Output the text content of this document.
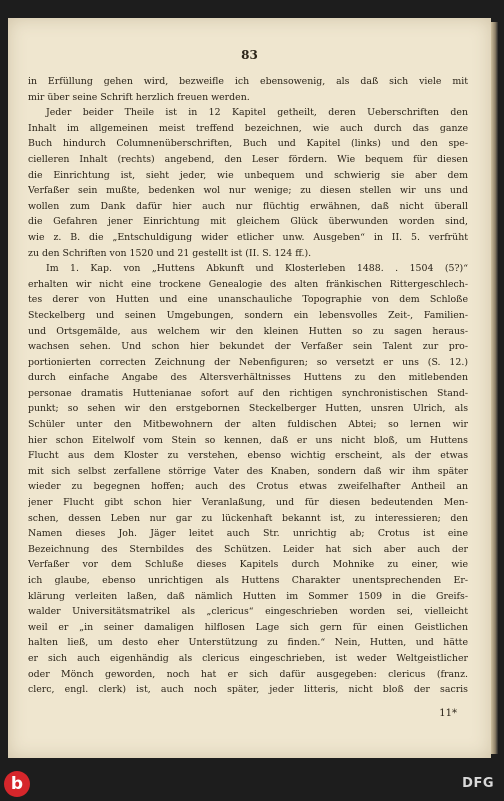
83
in Erfüllung gehen wird, bezweifle ich ebensowenig, als daß sich viele mit
mir über seine Schrift herzlich freuen werden.
Jeder beider Theile ist in 12 Kapitel getheilt, deren Ueberschriften den
Inhalt im allgemeinen meist treffend bezeichnen, wie auch durch das ganze
Buch hindurch Columnenüberschriften, Buch und Kapitel (links) und den spe-
cielleren Inhalt (rechts) angebend, den Leser fördern. Wie bequem für diesen
die Einrichtung ist, sieht jeder, wie unbequem und schwierig sie aber dem
Verfaßer sein mußte, bedenken wol nur wenige; zu diesen stellen wir uns und
wollen zum Dank dafür hier auch nur flüchtig erwähnen, daß nicht überall
die Gefahren jener Einrichtung mit gleichem Glück überwunden worden sind,
wie z. B. die „Entschuldigung wider etlicher unw. Ausgeben“ in II. 5. verfrüht
zu den Schriften von 1520 und 21 gestellt ist (II. S. 124 ff.).
Im 1. Kap. von „Huttens Abkunft und Klosterleben 1488. . 1504 (5?)“
erhalten wir nicht eine trockene Genealogie des alten fränkischen Rittergeschlech-
tes derer von Hutten und eine unanschauliche Topographie von dem Schloße
Steckelberg und seinen Umgebungen, sondern ein lebensvolles Zeit-, Familien-
und Ortsgemälde, aus welchem wir den kleinen Hutten so zu sagen heraus-
wachsen sehen. Und schon hier bekundet der Verfaßer sein Talent zur pro-
portionierten correcten Zeichnung der Nebenfiguren; so versetzt er uns (S. 12.)
durch einfache Angabe des Altersverhältnisses Huttens zu den mitlebenden
personae dramatis Huttenianae sofort auf den richtigen synchronistischen Stand-
punkt; so sehen wir den erstgebornen Steckelberger Hutten, unsren Ulrich, als
Schüler unter den Mitbewohnern der alten fuldischen Abtei; so lernen wir
hier schon Eitelwolf vom Stein so kennen, daß er uns nicht bloß, um Huttens
Flucht aus dem Kloster zu verstehen, ebenso wichtig erscheint, als der etwas
mit sich selbst zerfallene störrige Vater des Knaben, sondern daß wir ihm später
wieder zu begegnen hoffen; auch des Crotus etwas zweifelhafter Antheil an
jener Flucht gibt schon hier Veranlaßung, und für diesen bedeutenden Men-
schen, dessen Leben nur gar zu lückenhaft bekannt ist, zu interessieren; den
Namen dieses Joh. Jäger leitet auch Str. unrichtig ab; Crotus ist eine
Bezeichnung des Sternbildes des Schützen. Leider hat sich aber auch der
Verfaßer vor dem Schluße dieses Kapitels durch Mohnike zu einer, wie
ich glaube, ebenso unrichtigen als Huttens Charakter unentsprechenden Er-
klärung verleiten laßen, daß nämlich Hutten im Sommer 1509 in die Greifs-
walder Universitätsmatrikel als „clericus“ eingeschrieben worden sei, vielleicht
weil er „in seiner damaligen hilflosen Lage sich gern für einen Geistlichen
halten ließ, um desto eher Unterstützung zu finden.“ Nein, Hutten, und hätte
er sich auch eigenhändig als clericus eingeschrieben, ist weder Weltgeistlicher
oder Mönch geworden, noch hat er sich dafür ausgegeben: clericus (franz.
clerc, engl. clerk) ist, auch noch später, jeder litteris, nicht bloß der sacris
11*
b	DFG
